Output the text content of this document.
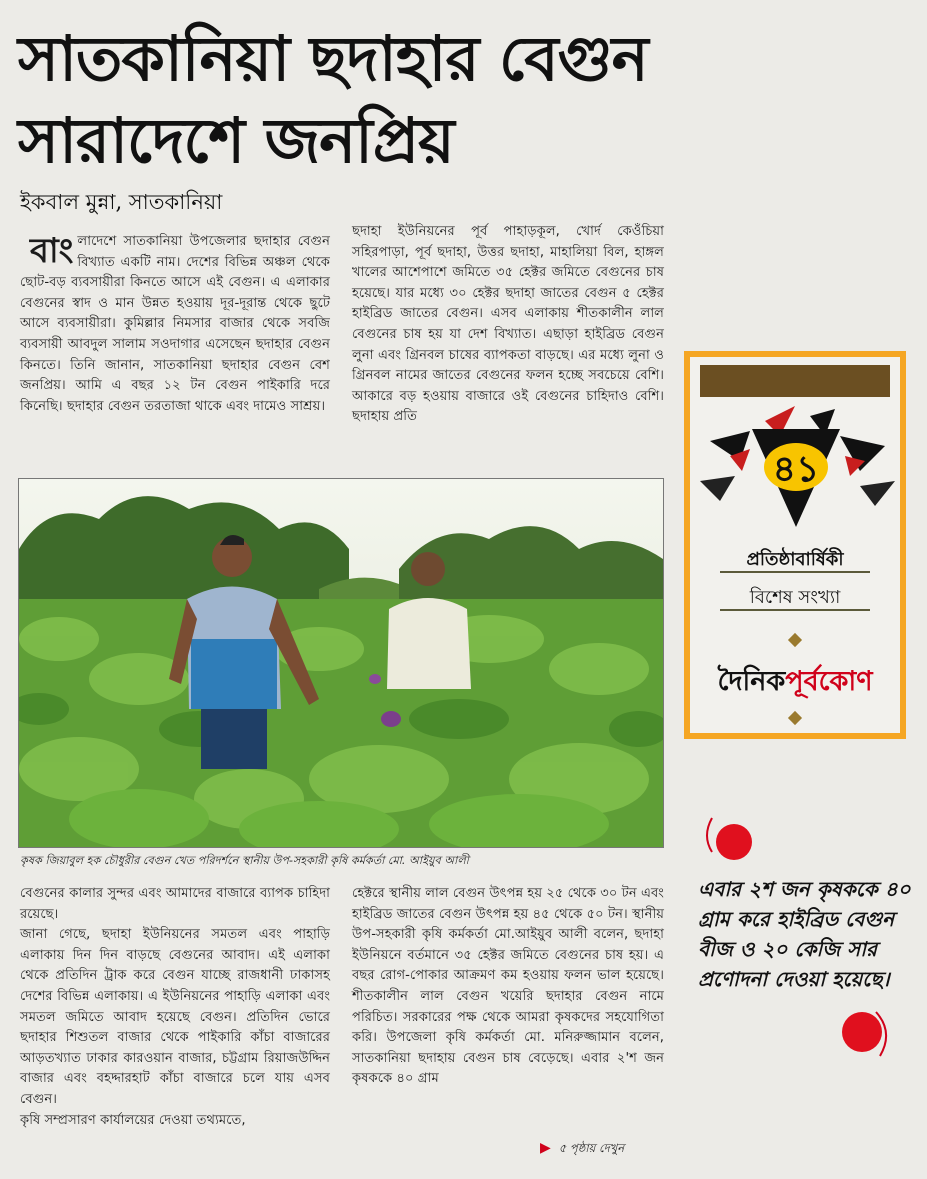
সাতকানিয়া ছদাহার বেগুন
সারাদেশে জনপ্রিয়
ইকবাল মুন্না, সাতকানিয়া

বাংলাদেশে সাতকানিয়া উপজেলার ছদাহার বেগুন বিখ্যাত একটি নাম। দেশের বিভিন্ন অঞ্চল থেকে ছোট-বড় ব্যবসায়ীরা কিনতে আসে এই বেগুন। এ এলাকার বেগুনের স্বাদ ও মান উন্নত হওয়ায় দূর-দূরান্ত থেকে ছুটে আসে ব্যবসায়ীরা। কুমিল্লার নিমসার বাজার থেকে সবজি ব্যবসায়ী আবদুল সালাম সওদাগার এসেছেন ছদাহার বেগুন কিনতে। তিনি জানান, সাতকানিয়া ছদাহার বেগুন বেশ জনপ্রিয়। আমি এ বছর ১২ টন বেগুন পাইকারি দরে কিনেছি। ছদাহার বেগুন তরতাজা থাকে এবং দামেও সাশ্রয়।

ছদাহা ইউনিয়নের পূর্ব পাহাড়কূল, খোর্দ কেওঁচিয়া সহিরপাড়া, পূর্ব ছদাহা, উত্তর ছদাহা, মাহালিয়া বিল, হাঙ্গল খালের আশেপাশে জমিতে ৩৫ হেক্টর জমিতে বেগুনের চাষ হয়েছে। যার মধ্যে ৩০ হেক্টর ছদাহা জাতের বেগুন ৫ হেক্টর হাইব্রিড জাতের বেগুন। এসব এলাকায় শীতকালীন লাল বেগুনের চাষ হয় যা দেশ বিখ্যাত। এছাড়া হাইব্রিড বেগুন লুনা এবং গ্রিনবল চাষের ব্যাপকতা বাড়ছে। এর মধ্যে লুনা ও গ্রিনবল নামের জাতের বেগুনের ফলন হচ্ছে সবচেয়ে বেশি। আকারে বড় হওয়ায় বাজারে ওই বেগুনের চাহিদাও বেশি। ছদাহায় প্রতি

কৃষক জিয়াবুল হক চৌধুরীর বেগুন খেত পরিদর্শনে স্থানীয় উপ-সহকারী কৃষি কর্মকর্তা মো. আইয়ুব আলী

বেগুনের কালার সুন্দর এবং আমাদের বাজারে ব্যাপক চাহিদা রয়েছে।

জানা গেছে, ছদাহা ইউনিয়নের সমতল এবং পাহাড়ি এলাকায় দিন দিন বাড়ছে বেগুনের আবাদ। এই এলাকা থেকে প্রতিদিন ট্রাক করে বেগুন যাচ্ছে রাজধানী ঢাকাসহ দেশের বিভিন্ন এলাকায়। এ ইউনিয়নের পাহাড়ি এলাকা এবং সমতল জমিতে আবাদ হয়েছে বেগুন। প্রতিদিন ভোরে ছদাহার শিশুতল বাজার থেকে পাইকারি কাঁচা বাজারের আড়তখ্যাত ঢাকার কারওয়ান বাজার, চট্টগ্রাম রিয়াজউদ্দিন বাজার এবং বহদ্দারহাট কাঁচা বাজারে চলে যায় এসব বেগুন।

কৃষি সম্প্রসারণ কার্যালয়ের দেওয়া তথ্যমতে,

হেক্টরে স্থানীয় লাল বেগুন উৎপন্ন হয় ২৫ থেকে ৩০ টন এবং হাইব্রিড জাতের বেগুন উৎপন্ন হয় ৪৫ থেকে ৫০ টন। স্থানীয় উপ-সহকারী কৃষি কর্মকর্তা মো.আইয়ুব আলী বলেন, ছদাহা ইউনিয়নে বর্তমানে ৩৫ হেক্টর জমিতে বেগুনের চাষ হয়। এ বছর রোগ-পোকার আক্রমণ কম হওয়ায় ফলন ভাল হয়েছে। শীতকালীন লাল বেগুন খয়েরি ছদাহার বেগুন নামে পরিচিত। সরকারের পক্ষ থেকে আমরা কৃষকদের সহযোগিতা করি। উপজেলা কৃষি কর্মকর্তা মো. মনিরুজ্জামান বলেন, সাতকানিয়া ছদাহায় বেগুন চাষ বেড়েছে। এবার ২'শ জন কৃষককে ৪০ গ্রাম

▶ ৫ পৃষ্ঠায় দেখুন
৪১
প্রতিষ্ঠাবার্ষিকী
বিশেষ সংখ্যা
দৈনিকপূর্বকোণ
এবার ২শ জন কৃষককে ৪০ গ্রাম করে হাইব্রিড বেগুন বীজ ও ২০ কেজি সার প্রণোদনা দেওয়া হয়েছে।
